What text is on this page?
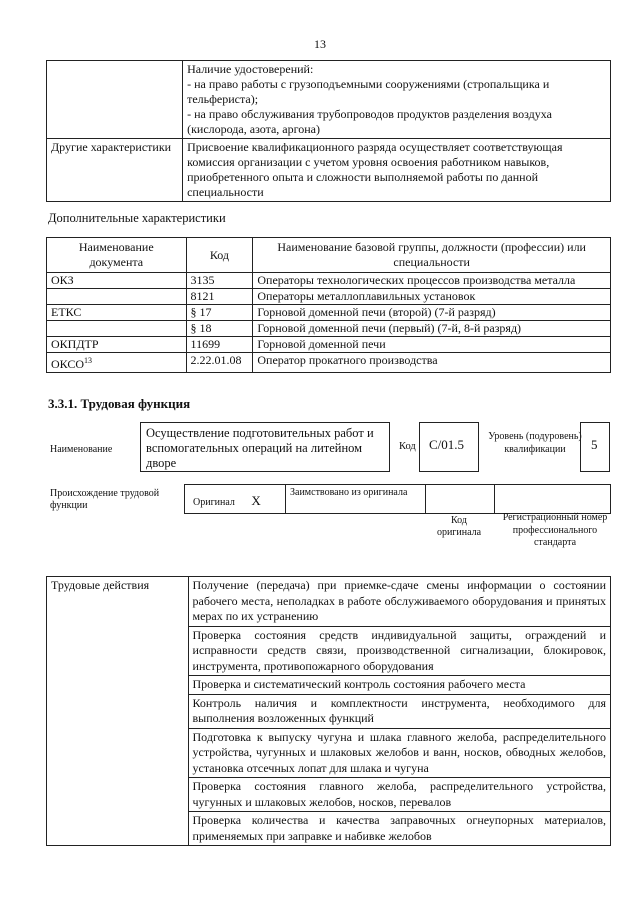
13

	Наличие удостоверений:
- на право работы с грузоподъемными сооружениями (стропальщика и тельфериста);
- на право обслуживания трубопроводов продуктов разделения воздуха (кислорода, азота, аргона)

Другие характеристики	Присвоение квалификационного разряда осуществляет соответствующая комиссия организации с учетом уровня освоения работником навыков, приобретенного опыта и сложности выполняемой работы по данной специальности
Дополнительные характеристики
Наименование документа	Код	Наименование базовой группы, должности (профессии) или специальности
ОКЗ	3135	Операторы технологических процессов производства металла
	8121	Операторы металлоплавильных установок
ЕТКС	§ 17	Горновой доменной печи (второй) (7-й разряд)
	§ 18	Горновой доменной печи (первый) (7-й, 8-й разряд)
ОКПДТР	11699	Горновой доменной печи
ОКСО$^{13}$	2.22.01.08	Оператор прокатного производства
3.3.1. Трудовая функция
Наименование
Осуществление подготовительных работ и вспомогательных операций на литейном дворе
Код	С/01.5
Уровень (подуровень) квалификации	5
Происхождение трудовой функции	Оригинал X
Заимствовано из оригинала
Код оригинала
Регистрационный номер профессионального стандарта
Трудовые действия	Получение (передача) при приемке-сдаче смены информации о состоянии рабочего места, неполадках в работе обслуживаемого оборудования и принятых мерах по их устранению
Проверка состояния средств индивидуальной защиты, ограждений и исправности средств связи, производственной сигнализации, блокировок, инструмента, противопожарного оборудования
Проверка и систематический контроль состояния рабочего места
Контроль наличия и комплектности инструмента, необходимого для выполнения возложенных функций
Подготовка к выпуску чугуна и шлака главного желоба, распределительного устройства, чугунных и шлаковых желобов и ванн, носков, обводных желобов, установка отсечных лопат для шлака и чугуна
Проверка состояния главного желоба, распределительного устройства, чугунных и шлаковых желобов, носков, перевалов
Проверка количества и качества заправочных огнеупорных материалов, применяемых при заправке и набивке желобов
